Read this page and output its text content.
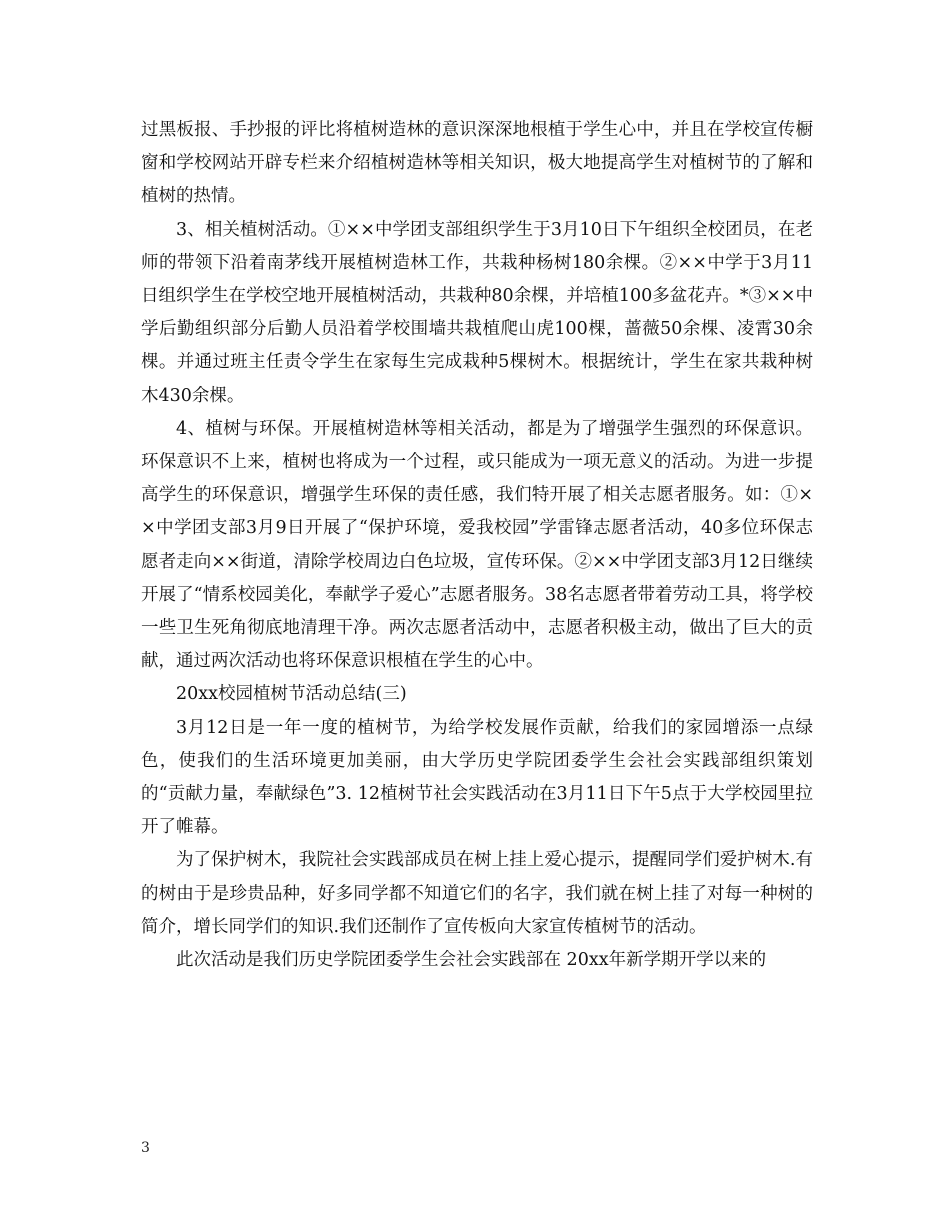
过黑板报、手抄报的评比将植树造林的意识深深地根植于学生心中，并且在学校宣传橱窗和学校网站开辟专栏来介绍植树造林等相关知识，极大地提高学生对植树节的了解和植树的热情。

3、相关植树活动。①××中学团支部组织学生于3月10日下午组织全校团员，在老师的带领下沿着南茅线开展植树造林工作，共栽种杨树180余棵。②××中学于3月11日组织学生在学校空地开展植树活动，共栽种80余棵，并培植100多盆花卉。*③××中学后勤组织部分后勤人员沿着学校围墙共栽植爬山虎100棵，蔷薇50余棵、凌霄30余棵。并通过班主任责令学生在家每生完成栽种5棵树木。根据统计，学生在家共栽种树木430余棵。

4、植树与环保。开展植树造林等相关活动，都是为了增强学生强烈的环保意识。环保意识不上来，植树也将成为一个过程，或只能成为一项无意义的活动。为进一步提高学生的环保意识，增强学生环保的责任感，我们特开展了相关志愿者服务。如：①××中学团支部3月9日开展了“保护环境，爱我校园”学雷锋志愿者活动，40多位环保志愿者走向××街道，清除学校周边白色垃圾，宣传环保。②××中学团支部3月12日继续开展了“情系校园美化，奉献学子爱心”志愿者服务。38名志愿者带着劳动工具，将学校一些卫生死角彻底地清理干净。两次志愿者活动中，志愿者积极主动，做出了巨大的贡献，通过两次活动也将环保意识根植在学生的心中。

20xx校园植树节活动总结(三)

3月12日是一年一度的植树节，为给学校发展作贡献，给我们的家园增添一点绿色，使我们的生活环境更加美丽，由大学历史学院团委学生会社会实践部组织策划的“贡献力量，奉献绿色”3. 12植树节社会实践活动在3月11日下午5点于大学校园里拉开了帷幕。

为了保护树木，我院社会实践部成员在树上挂上爱心提示，提醒同学们爱护树木.有的树由于是珍贵品种，好多同学都不知道它们的名字，我们就在树上挂了对每一种树的简介，增长同学们的知识.我们还制作了宣传板向大家宣传植树节的活动。

此次活动是我们历史学院团委学生会社会实践部在 20xx年新学期开学以来的

3
